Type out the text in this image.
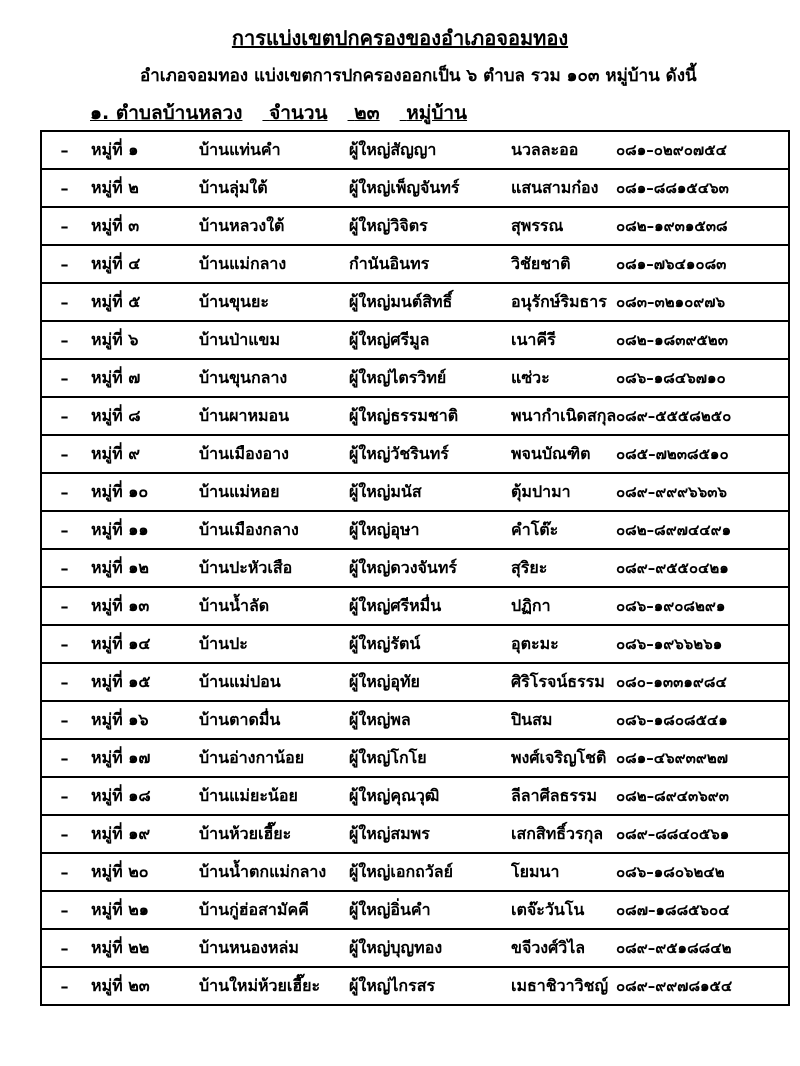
การแบ่งเขตปกครองของอำเภอจอมทอง
อำเภอจอมทอง แบ่งเขตการปกครองออกเป็น ๖ ตำบล รวม ๑๐๓ หมู่บ้าน ดังนี้
๑. ตำบลบ้านหลวง จำนวน ๒๓ หมู่บ้าน
–	หมู่ที่ ๑	บ้านแท่นคำ	ผู้ใหญ่สัญญา	นวลละออ	๐๘๑–๐๒๙๐๗๕๔
–	หมู่ที่ ๒	บ้านลุ่มใต้	ผู้ใหญ่เพ็ญจันทร์	แสนสามก๋อง	๐๘๑–๘๘๑๕๔๖๓
–	หมู่ที่ ๓	บ้านหลวงใต้	ผู้ใหญ่วิจิตร	สุพรรณ	๐๘๒–๑๙๓๑๕๓๘
–	หมู่ที่ ๔	บ้านแม่กลาง	กำนันอินทร	วิชัยชาติ	๐๘๑–๗๖๔๑๐๘๓
–	หมู่ที่ ๕	บ้านขุนยะ	ผู้ใหญ่มนต์สิทธิ์	อนุรักษ์ริมธาร	๐๘๓–๓๒๑๐๙๗๖
–	หมู่ที่ ๖	บ้านป่าแขม	ผู้ใหญ่ศรีมูล	เนาคีรี	๐๘๒–๑๘๓๙๕๒๓
–	หมู่ที่ ๗	บ้านขุนกลาง	ผู้ใหญ่ไตรวิทย์	แซ่วะ	๐๘๖–๑๘๔๖๗๑๐
–	หมู่ที่ ๘	บ้านผาหมอน	ผู้ใหญ่ธรรมชาติ	พนากำเนิดสกุล	๐๘๙–๕๕๕๘๒๕๐
–	หมู่ที่ ๙	บ้านเมืองอาง	ผู้ใหญ่วัชรินทร์	พจนบัณฑิต	๐๘๕–๗๒๓๘๕๑๐
–	หมู่ที่ ๑๐	บ้านแม่หอย	ผู้ใหญ่มนัส	ตุ้มปามา	๐๘๙–๙๙๙๖๖๓๖
–	หมู่ที่ ๑๑	บ้านเมืองกลาง	ผู้ใหญ่อุษา	คำโต๊ะ	๐๘๒–๘๙๗๔๔๙๑
–	หมู่ที่ ๑๒	บ้านปะหัวเสือ	ผู้ใหญ่ดวงจันทร์	สุริยะ	๐๘๙–๙๕๕๐๔๒๑
–	หมู่ที่ ๑๓	บ้านน้ำลัด	ผู้ใหญ่ศรีหมื่น	ปฏิกา	๐๘๖–๑๙๐๘๒๙๑
–	หมู่ที่ ๑๔	บ้านปะ	ผู้ใหญ่รัตน์	อุตะมะ	๐๘๖–๑๙๖๖๒๖๑
–	หมู่ที่ ๑๕	บ้านแม่ปอน	ผู้ใหญ่อุทัย	ศิริโรจน์ธรรม	๐๘๐–๑๓๓๑๙๘๔
–	หมู่ที่ ๑๖	บ้านตาดมื่น	ผู้ใหญ่พล	ปินสม	๐๘๖–๑๘๐๘๕๔๑
–	หมู่ที่ ๑๗	บ้านอ่างกาน้อย	ผู้ใหญ่โกโย	พงศ์เจริญโชติ	๐๘๑–๔๖๙๓๙๒๗
–	หมู่ที่ ๑๘	บ้านแม่ยะน้อย	ผู้ใหญ่คุณวุฒิ	ลีลาศีลธรรม	๐๘๒–๘๙๔๓๖๙๓
–	หมู่ที่ ๑๙	บ้านห้วยเฮี๊ยะ	ผู้ใหญ่สมพร	เสกสิทธิ์วรกุล	๐๘๙–๘๘๔๐๕๖๑
–	หมู่ที่ ๒๐	บ้านน้ำตกแม่กลาง	ผู้ใหญ่เอกถวัลย์	โยมนา	๐๘๖–๑๘๐๖๒๔๒
–	หมู่ที่ ๒๑	บ้านกู่ฮ่อสามัคคี	ผู้ใหญ่อิ่นคำ	เตจ๊ะวันโน	๐๘๗–๑๘๘๕๖๐๔
–	หมู่ที่ ๒๒	บ้านหนองหล่ม	ผู้ใหญ่บุญทอง	ขจีวงศ์วิไล	๐๘๙–๙๕๑๘๘๔๒
–	หมู่ที่ ๒๓	บ้านใหม่ห้วยเฮี๊ยะ	ผู้ใหญ่ไกรสร	เมธาชิวาวิชญ์	๐๘๙–๙๙๗๘๑๕๔
